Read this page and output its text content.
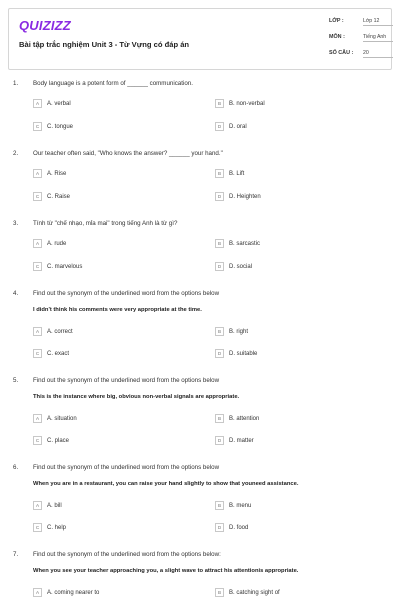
QUIZIZZ
Bài tập trắc nghiệm Unit 3 - Từ Vựng có đáp án
LỚP :	Lớp 12
MÔN :	Tiếng Anh
SỐ CÂU : 20
1. Body language is a potent form of ______ communication.
A	A. verbal	B	B. non-verbal
C	C. tongue	D	D. oral
2. Our teacher often said, "Who knows the answer? ______ your hand."
A	A. Rise	B	B. Lift
C	C. Raise	D	D. Heighten
3. Tính từ "chế nhạo, mỉa mai" trong tiếng Anh là từ gì?
A	A. rude	B	B. sarcastic
C	C. marvelous	D	D. social
4. Find out the synonym of the underlined word from the options below
I didn't think his comments were very appropriate at the time.
A	A. correct	B	B. right
C	C. exact	D	D. suitable
5. Find out the synonym of the underlined word from the options below
This is the instance where big, obvious non-verbal signals are appropriate.
A	A. situation	B	B. attention
C	C. place	D	D. matter
6. Find out the synonym of the underlined word from the options below
When you are in a restaurant, you can raise your hand slightly to show that youneed assistance.
A	A. bill	B	B. menu
C	C. help	D	D. food
7. Find out the synonym of the underlined word from the options below:
When you see your teacher approaching you, a slight wave to attract his attentionis appropriate.
A	A. coming nearer to	B	B. catching sight of
